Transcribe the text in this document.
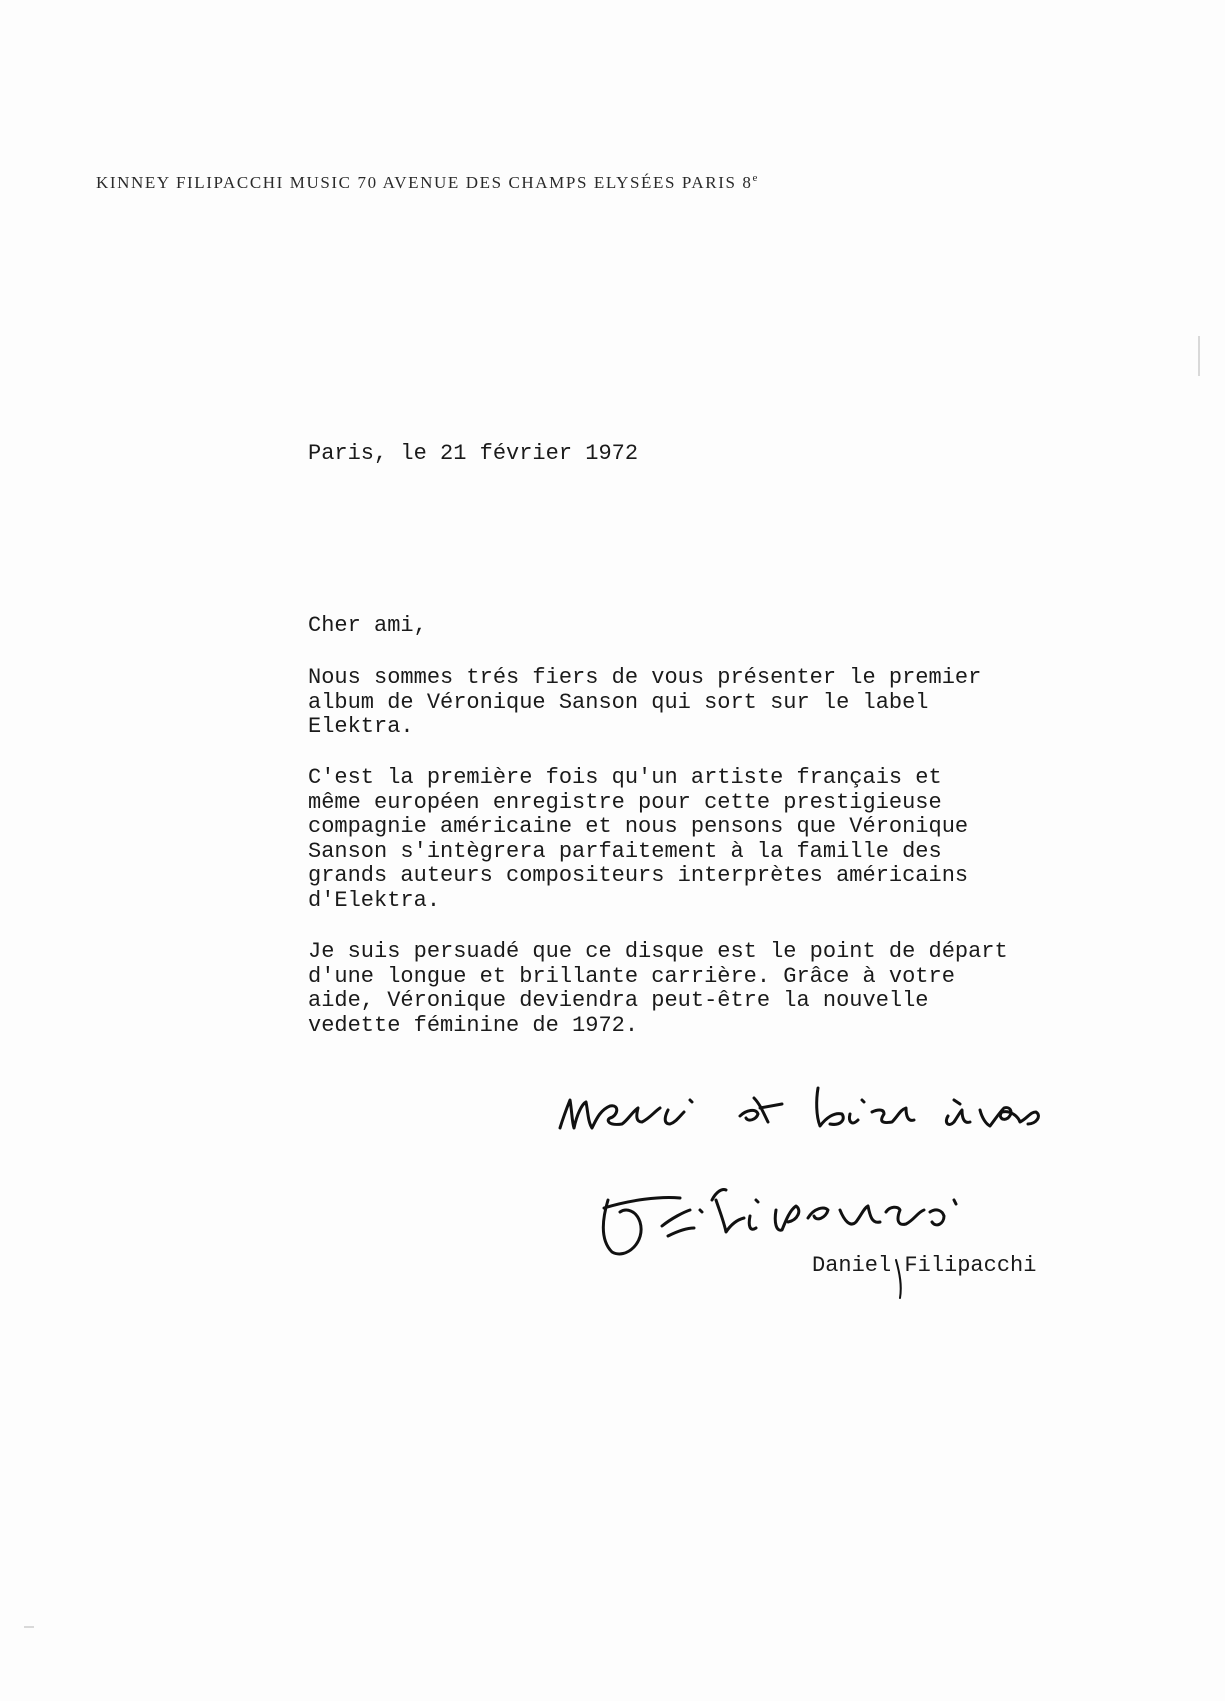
KINNEY FILIPACCHI MUSIC 70 AVENUE DES CHAMPS ELYSÉES PARIS 8e
Paris, le 21 février 1972
Cher ami,
Nous sommes trés fiers de vous présenter le premier
album de Véronique Sanson qui sort sur le label
Elektra.
C'est la première fois qu'un artiste français et
même européen enregistre pour cette prestigieuse
compagnie américaine et nous pensons que Véronique
Sanson s'intègrera parfaitement à la famille des
grands auteurs compositeurs interprètes américains
d'Elektra.
Je suis persuadé que ce disque est le point de départ
d'une longue et brillante carrière. Grâce à votre
aide, Véronique deviendra peut-être la nouvelle
vedette féminine de 1972.
Daniel Filipacchi
